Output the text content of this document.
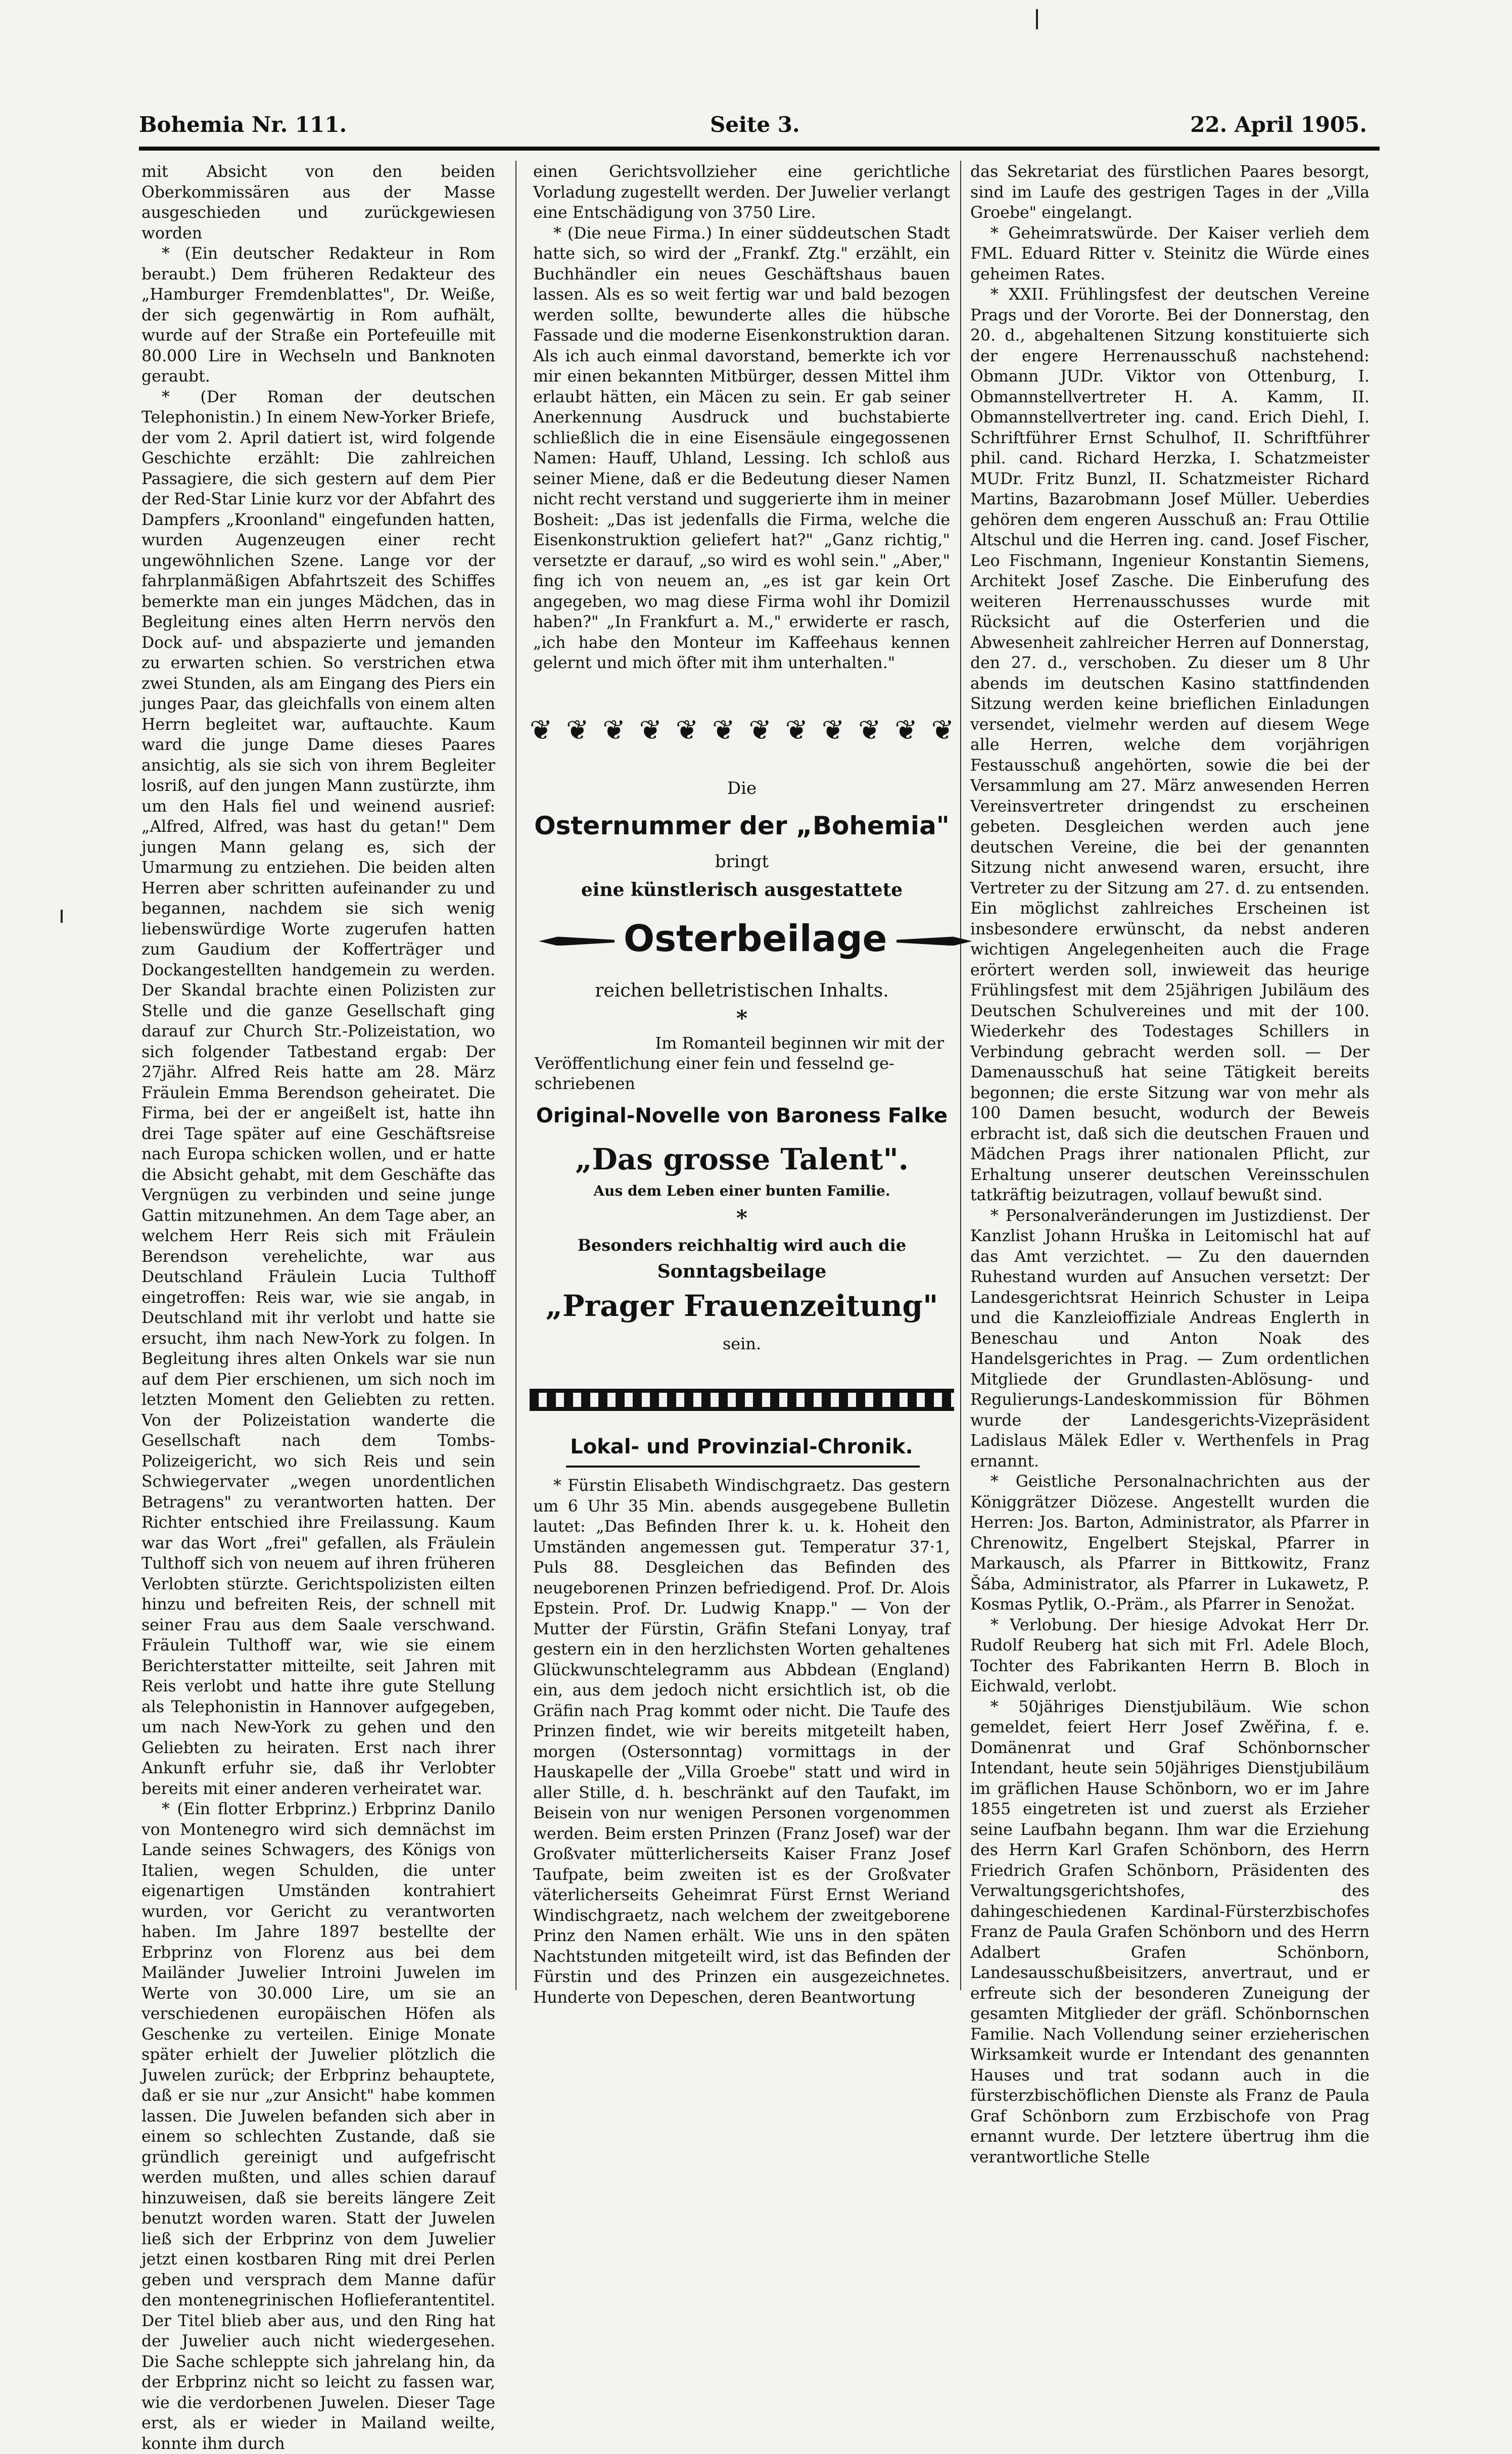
Bohemia Nr. 111.	Seite 3.	22. April 1905.

mit Absicht von den beiden Oberkommissären aus der Masse ausgeschieden und zurückgewiesen worden

* (Ein deutscher Redakteur in Rom beraubt.) Dem früheren Redakteur des „Hamburger Fremdenblattes", Dr. Weiße, der sich gegenwärtig in Rom aufhält, wurde auf der Straße ein Portefeuille mit 80.000 Lire in Wechseln und Banknoten geraubt.

* (Der Roman der deutschen Telephonistin.) In einem New-Yorker Briefe, der vom 2. April datiert ist, wird folgende Geschichte erzählt: Die zahlreichen Passagiere, die sich gestern auf dem Pier der Red-Star Linie kurz vor der Abfahrt des Dampfers „Kroonland" eingefunden hatten, wurden Augenzeugen einer recht ungewöhnlichen Szene. Lange vor der fahrplanmäßigen Abfahrtszeit des Schiffes bemerkte man ein junges Mädchen, das in Begleitung eines alten Herrn nervös den Dock auf- und abspazierte und jemanden zu erwarten schien. So verstrichen etwa zwei Stunden, als am Eingang des Piers ein junges Paar, das gleichfalls von einem alten Herrn begleitet war, auftauchte. Kaum ward die junge Dame dieses Paares ansichtig, als sie sich von ihrem Begleiter losriß, auf den jungen Mann zustürzte, ihm um den Hals fiel und weinend ausrief: „Alfred, Alfred, was hast du getan!" Dem jungen Mann gelang es, sich der Umarmung zu entziehen. Die beiden alten Herren aber schritten aufeinander zu und begannen, nachdem sie sich wenig liebenswürdige Worte zugerufen hatten zum Gaudium der Kofferträger und Dockangestellten handgemein zu werden. Der Skandal brachte einen Polizisten zur Stelle und die ganze Gesellschaft ging darauf zur Church Str.-Polizeistation, wo sich folgender Tatbestand ergab: Der 27jähr. Alfred Reis hatte am 28. März Fräulein Emma Berendson geheiratet. Die Firma, bei der er angeißelt ist, hatte ihn drei Tage später auf eine Geschäftsreise nach Europa schicken wollen, und er hatte die Absicht gehabt, mit dem Geschäfte das Vergnügen zu verbinden und seine junge Gattin mitzunehmen. An dem Tage aber, an welchem Herr Reis sich mit Fräulein Berendson verehelichte, war aus Deutschland Fräulein Lucia Tulthoff eingetroffen: Reis war, wie sie angab, in Deutschland mit ihr verlobt und hatte sie ersucht, ihm nach New-York zu folgen. In Begleitung ihres alten Onkels war sie nun auf dem Pier erschienen, um sich noch im letzten Moment den Geliebten zu retten. Von der Polizeistation wanderte die Gesellschaft nach dem Tombs-Polizeigericht, wo sich Reis und sein Schwiegervater „wegen unordentlichen Betragens" zu verantworten hatten. Der Richter entschied ihre Freilassung. Kaum war das Wort „frei" gefallen, als Fräulein Tulthoff sich von neuem auf ihren früheren Verlobten stürzte. Gerichtspolizisten eilten hinzu und befreiten Reis, der schnell mit seiner Frau aus dem Saale verschwand. Fräulein Tulthoff war, wie sie einem Berichterstatter mitteilte, seit Jahren mit Reis verlobt und hatte ihre gute Stellung als Telephonistin in Hannover aufgegeben, um nach New-York zu gehen und den Geliebten zu heiraten. Erst nach ihrer Ankunft erfuhr sie, daß ihr Verlobter bereits mit einer anderen verheiratet war.

* (Ein flotter Erbprinz.) Erbprinz Danilo von Montenegro wird sich demnächst im Lande seines Schwagers, des Königs von Italien, wegen Schulden, die unter eigenartigen Umständen kontrahiert wurden, vor Gericht zu verantworten haben. Im Jahre 1897 bestellte der Erbprinz von Florenz aus bei dem Mailänder Juwelier Introini Juwelen im Werte von 30.000 Lire, um sie an verschiedenen europäischen Höfen als Geschenke zu verteilen. Einige Monate später erhielt der Juwelier plötzlich die Juwelen zurück; der Erbprinz behauptete, daß er sie nur „zur Ansicht" habe kommen lassen. Die Juwelen befanden sich aber in einem so schlechten Zustande, daß sie gründlich gereinigt und aufgefrischt werden mußten, und alles schien darauf hinzuweisen, daß sie bereits längere Zeit benutzt worden waren. Statt der Juwelen ließ sich der Erbprinz von dem Juwelier jetzt einen kostbaren Ring mit drei Perlen geben und versprach dem Manne dafür den montenegrinischen Hoflieferantentitel. Der Titel blieb aber aus, und den Ring hat der Juwelier auch nicht wiedergesehen. Die Sache schleppte sich jahrelang hin, da der Erbprinz nicht so leicht zu fassen war, wie die verdorbenen Juwelen. Dieser Tage erst, als er wieder in Mailand weilte, konnte ihm durch

einen Gerichtsvollzieher eine gerichtliche Vorladung zugestellt werden. Der Juwelier verlangt eine Entschädigung von 3750 Lire.

* (Die neue Firma.) In einer süddeutschen Stadt hatte sich, so wird der „Frankf. Ztg." erzählt, ein Buchhändler ein neues Geschäftshaus bauen lassen. Als es so weit fertig war und bald bezogen werden sollte, bewunderte alles die hübsche Fassade und die moderne Eisenkonstruktion daran. Als ich auch einmal davorstand, bemerkte ich vor mir einen bekannten Mitbürger, dessen Mittel ihm erlaubt hätten, ein Mäcen zu sein. Er gab seiner Anerkennung Ausdruck und buchstabierte schließlich die in eine Eisensäule eingegossenen Namen: Hauff, Uhland, Lessing. Ich schloß aus seiner Miene, daß er die Bedeutung dieser Namen nicht recht verstand und suggerierte ihm in meiner Bosheit: „Das ist jedenfalls die Firma, welche die Eisenkonstruktion geliefert hat?" „Ganz richtig," versetzte er darauf, „so wird es wohl sein." „Aber," fing ich von neuem an, „es ist gar kein Ort angegeben, wo mag diese Firma wohl ihr Domizil haben?" „In Frankfurt a. M.," erwiderte er rasch, „ich habe den Monteur im Kaffeehaus kennen gelernt und mich öfter mit ihm unterhalten."

❦ ❦ ❦ ❦ ❦ ❦ ❦ ❦ ❦ ❦ ❦ ❦
Die
Osternummer der „Bohemia"
bringt
eine künstlerisch ausgestattete
Osterbeilage
reichen belletristischen Inhalts.
*
Im Romanteil beginnen wir mit der
Veröffentlichung einer fein und fesselnd ge-
schriebenen
Original-Novelle von Baroness Falke
„Das grosse Talent".
Aus dem Leben einer bunten Familie.
*
Besonders reichhaltig wird auch die
Sonntagsbeilage
„Prager Frauenzeitung"
sein.
Lokal- und Provinzial-Chronik.

* Fürstin Elisabeth Windischgraetz. Das gestern um 6 Uhr 35 Min. abends ausgegebene Bulletin lautet: „Das Befinden Ihrer k. u. k. Hoheit den Umständen angemessen gut. Temperatur 37·1, Puls 88. Desgleichen das Befinden des neugeborenen Prinzen befriedigend. Prof. Dr. Alois Epstein. Prof. Dr. Ludwig Knapp." — Von der Mutter der Fürstin, Gräfin Stefani Lonyay, traf gestern ein in den herzlichsten Worten gehaltenes Glückwunschtelegramm aus Abbdean (England) ein, aus dem jedoch nicht ersichtlich ist, ob die Gräfin nach Prag kommt oder nicht. Die Taufe des Prinzen findet, wie wir bereits mitgeteilt haben, morgen (Ostersonntag) vormittags in der Hauskapelle der „Villa Groebe" statt und wird in aller Stille, d. h. beschränkt auf den Taufakt, im Beisein von nur wenigen Personen vorgenommen werden. Beim ersten Prinzen (Franz Josef) war der Großvater mütterlicherseits Kaiser Franz Josef Taufpate, beim zweiten ist es der Großvater väterlicherseits Geheimrat Fürst Ernst Weriand Windischgraetz, nach welchem der zweitgeborene Prinz den Namen erhält. Wie uns in den späten Nachtstunden mitgeteilt wird, ist das Befinden der Fürstin und des Prinzen ein ausgezeichnetes. Hunderte von Depeschen, deren Beantwortung

das Sekretariat des fürstlichen Paares besorgt, sind im Laufe des gestrigen Tages in der „Villa Groebe" eingelangt.

* Geheimratswürde. Der Kaiser verlieh dem FML. Eduard Ritter v. Steinitz die Würde eines geheimen Rates.

* XXII. Frühlingsfest der deutschen Vereine Prags und der Vororte. Bei der Donnerstag, den 20. d., abgehaltenen Sitzung konstituierte sich der engere Herrenausschuß nachstehend: Obmann JUDr. Viktor von Ottenburg, I. Obmannstellvertreter H. A. Kamm, II. Obmannstellvertreter ing. cand. Erich Diehl, I. Schriftführer Ernst Schulhof, II. Schriftführer phil. cand. Richard Herzka, I. Schatzmeister MUDr. Fritz Bunzl, II. Schatzmeister Richard Martins, Bazarobmann Josef Müller. Ueberdies gehören dem engeren Ausschuß an: Frau Ottilie Altschul und die Herren ing. cand. Josef Fischer, Leo Fischmann, Ingenieur Konstantin Siemens, Architekt Josef Zasche. Die Einberufung des weiteren Herrenausschusses wurde mit Rücksicht auf die Osterferien und die Abwesenheit zahlreicher Herren auf Donnerstag, den 27. d., verschoben. Zu dieser um 8 Uhr abends im deutschen Kasino stattfindenden Sitzung werden keine brieflichen Einladungen versendet, vielmehr werden auf diesem Wege alle Herren, welche dem vorjährigen Festausschuß angehörten, sowie die bei der Versammlung am 27. März anwesenden Herren Vereinsvertreter dringendst zu erscheinen gebeten. Desgleichen werden auch jene deutschen Vereine, die bei der genannten Sitzung nicht anwesend waren, ersucht, ihre Vertreter zu der Sitzung am 27. d. zu entsenden. Ein möglichst zahlreiches Erscheinen ist insbesondere erwünscht, da nebst anderen wichtigen Angelegenheiten auch die Frage erörtert werden soll, inwieweit das heurige Frühlingsfest mit dem 25jährigen Jubiläum des Deutschen Schulvereines und mit der 100. Wiederkehr des Todestages Schillers in Verbindung gebracht werden soll. — Der Damenausschuß hat seine Tätigkeit bereits begonnen; die erste Sitzung war von mehr als 100 Damen besucht, wodurch der Beweis erbracht ist, daß sich die deutschen Frauen und Mädchen Prags ihrer nationalen Pflicht, zur Erhaltung unserer deutschen Vereinsschulen tatkräftig beizutragen, vollauf bewußt sind.

* Personalveränderungen im Justizdienst. Der Kanzlist Johann Hruška in Leitomischl hat auf das Amt verzichtet. — Zu den dauernden Ruhestand wurden auf Ansuchen versetzt: Der Landesgerichtsrat Heinrich Schuster in Leipa und die Kanzleioffiziale Andreas Englerth in Beneschau und Anton Noak des Handelsgerichtes in Prag. — Zum ordentlichen Mitgliede der Grundlasten-Ablösung- und Regulierungs-Landeskommission für Böhmen wurde der Landesgerichts-Vizepräsident Ladislaus Mälek Edler v. Werthenfels in Prag ernannt.

* Geistliche Personalnachrichten aus der Königgrätzer Diözese. Angestellt wurden die Herren: Jos. Barton, Administrator, als Pfarrer in Chrenowitz, Engelbert Stejskal, Pfarrer in Markausch, als Pfarrer in Bittkowitz, Franz Šába, Administrator, als Pfarrer in Lukawetz, P. Kosmas Pytlik, O.-Präm., als Pfarrer in Senožat.

* Verlobung. Der hiesige Advokat Herr Dr. Rudolf Reuberg hat sich mit Frl. Adele Bloch, Tochter des Fabrikanten Herrn B. Bloch in Eichwald, verlobt.

* 50jähriges Dienstjubiläum. Wie schon gemeldet, feiert Herr Josef Zwěřina, f. e. Domänenrat und Graf Schönbornscher Intendant, heute sein 50jähriges Dienstjubiläum im gräflichen Hause Schönborn, wo er im Jahre 1855 eingetreten ist und zuerst als Erzieher seine Laufbahn begann. Ihm war die Erziehung des Herrn Karl Grafen Schönborn, des Herrn Friedrich Grafen Schönborn, Präsidenten des Verwaltungsgerichtshofes, des dahingeschiedenen Kardinal-Fürsterzbischofes Franz de Paula Grafen Schönborn und des Herrn Adalbert Grafen Schönborn, Landesausschußbeisitzers, anvertraut, und er erfreute sich der besonderen Zuneigung der gesamten Mitglieder der gräfl. Schönbornschen Familie. Nach Vollendung seiner erzieherischen Wirksamkeit wurde er Intendant des genannten Hauses und trat sodann auch in die fürsterzbischöflichen Dienste als Franz de Paula Graf Schönborn zum Erzbischofe von Prag ernannt wurde. Der letztere übertrug ihm die verantwortliche Stelle
